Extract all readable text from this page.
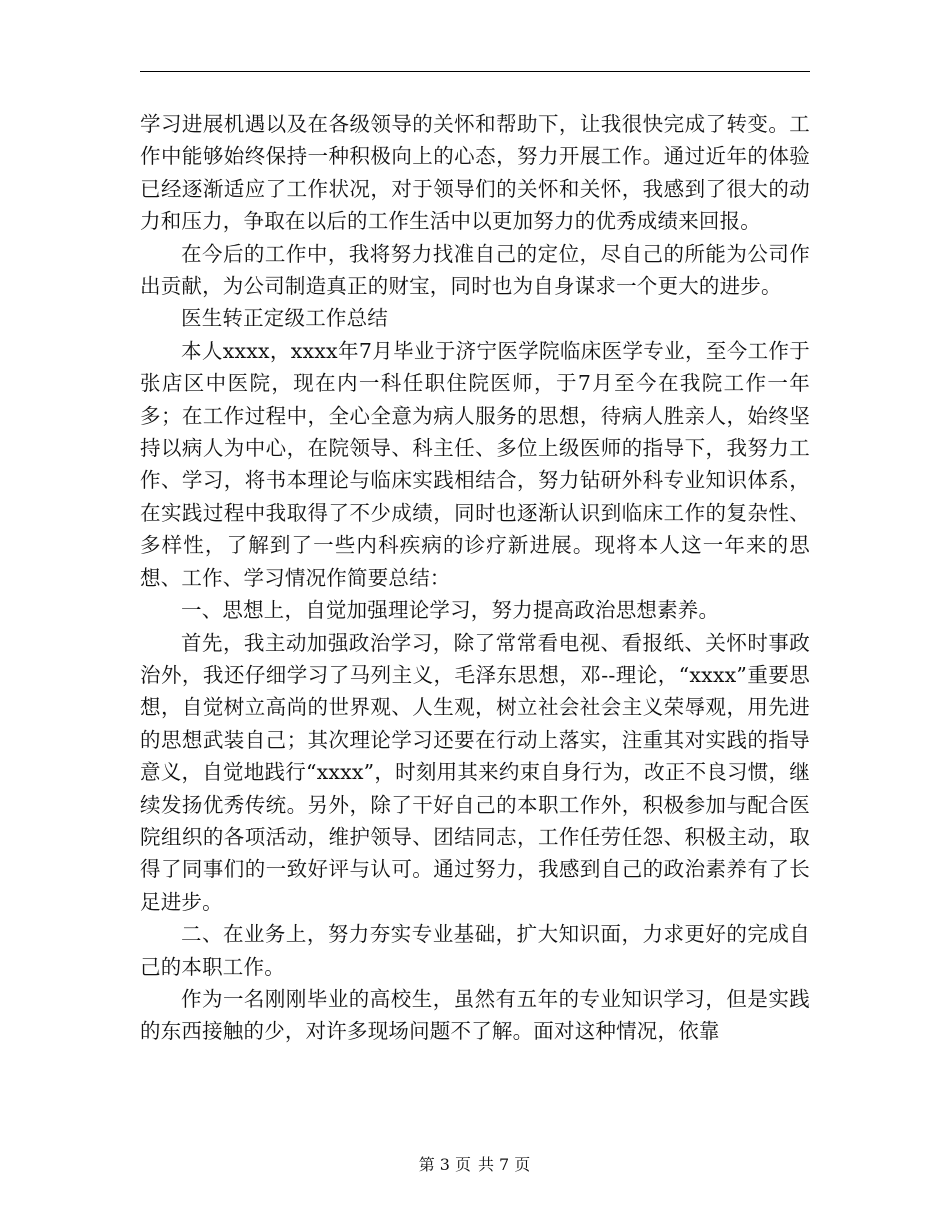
学习进展机遇以及在各级领导的关怀和帮助下，让我很快完成了转变。工作中能够始终保持一种积极向上的心态，努力开展工作。通过近年的体验已经逐渐适应了工作状况，对于领导们的关怀和关怀，我感到了很大的动力和压力，争取在以后的工作生活中以更加努力的优秀成绩来回报。

在今后的工作中，我将努力找准自己的定位，尽自己的所能为公司作出贡献，为公司制造真正的财宝，同时也为自身谋求一个更大的进步。

医生转正定级工作总结

本人xxxx，xxxx年7月毕业于济宁医学院临床医学专业，至今工作于张店区中医院，现在内一科任职住院医师，于7月至今在我院工作一年多；在工作过程中，全心全意为病人服务的思想，待病人胜亲人，始终坚持以病人为中心，在院领导、科主任、多位上级医师的指导下，我努力工作、学习，将书本理论与临床实践相结合，努力钻研外科专业知识体系，在实践过程中我取得了不少成绩，同时也逐渐认识到临床工作的复杂性、多样性，了解到了一些内科疾病的诊疗新进展。现将本人这一年来的思想、工作、学习情况作简要总结：

一、思想上，自觉加强理论学习，努力提高政治思想素养。

首先，我主动加强政治学习，除了常常看电视、看报纸、关怀时事政治外，我还仔细学习了马列主义，毛泽东思想，邓--理论，“xxxx”重要思想，自觉树立高尚的世界观、人生观，树立社会社会主义荣辱观，用先进的思想武装自己；其次理论学习还要在行动上落实，注重其对实践的指导意义，自觉地践行“xxxx”，时刻用其来约束自身行为，改正不良习惯，继续发扬优秀传统。另外，除了干好自己的本职工作外，积极参加与配合医院组织的各项活动，维护领导、团结同志，工作任劳任怨、积极主动，取得了同事们的一致好评与认可。通过努力，我感到自己的政治素养有了长足进步。

二、在业务上，努力夯实专业基础，扩大知识面，力求更好的完成自己的本职工作。

作为一名刚刚毕业的高校生，虽然有五年的专业知识学习，但是实践的东西接触的少，对许多现场问题不了解。面对这种情况，依靠

第 3 页 共 7 页
